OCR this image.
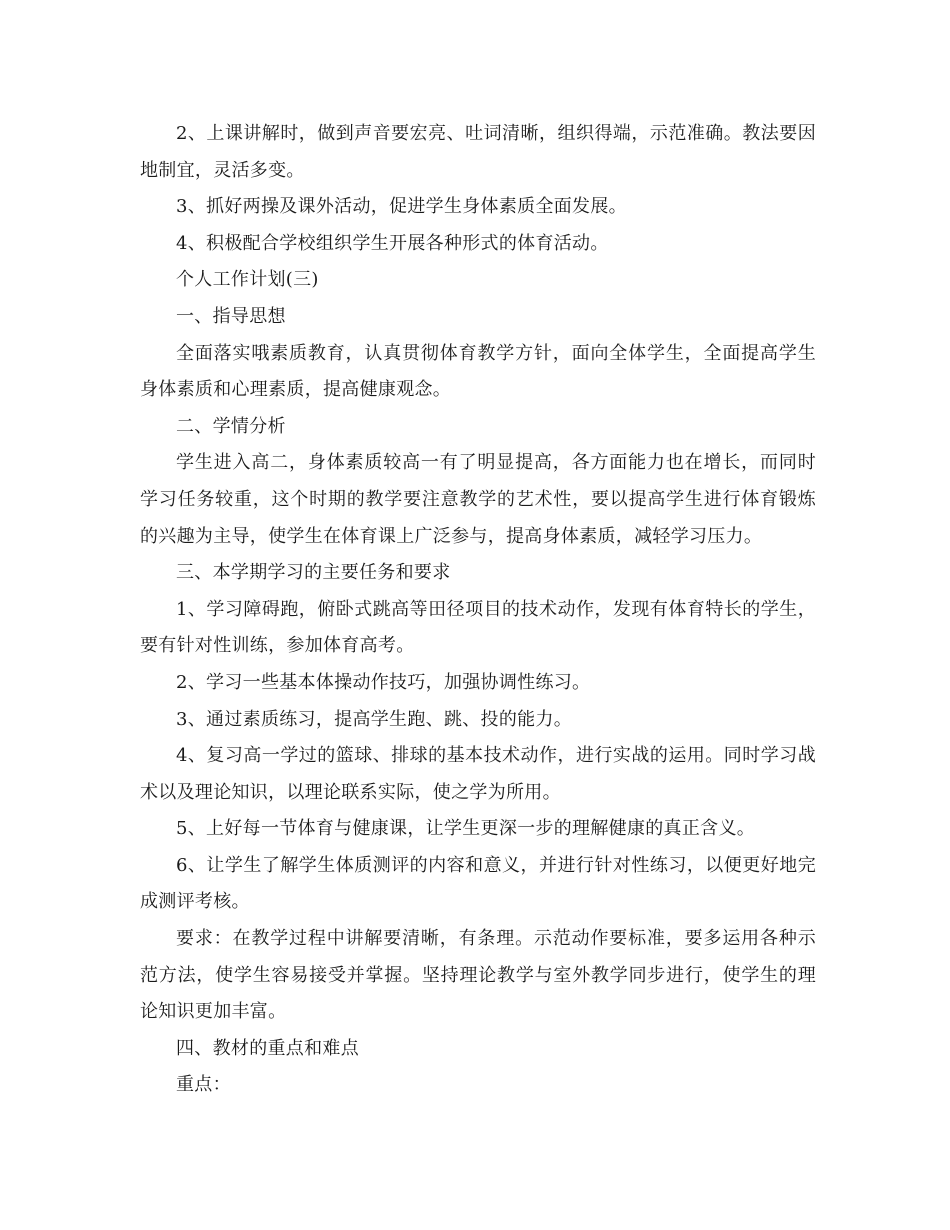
2、上课讲解时，做到声音要宏亮、吐词清晰，组织得端，示范准确。教法要因地制宜，灵活多变。

3、抓好两操及课外活动，促进学生身体素质全面发展。

4、积极配合学校组织学生开展各种形式的体育活动。

个人工作计划(三)

一、指导思想

全面落实哦素质教育，认真贯彻体育教学方针，面向全体学生，全面提高学生身体素质和心理素质，提高健康观念。

二、学情分析

学生进入高二，身体素质较高一有了明显提高，各方面能力也在增长，而同时学习任务较重，这个时期的教学要注意教学的艺术性，要以提高学生进行体育锻炼的兴趣为主导，使学生在体育课上广泛参与，提高身体素质，减轻学习压力。

三、本学期学习的主要任务和要求

1、学习障碍跑，俯卧式跳高等田径项目的技术动作，发现有体育特长的学生，要有针对性训练，参加体育高考。

2、学习一些基本体操动作技巧，加强协调性练习。

3、通过素质练习，提高学生跑、跳、投的能力。

4、复习高一学过的篮球、排球的基本技术动作，进行实战的运用。同时学习战术以及理论知识，以理论联系实际，使之学为所用。

5、上好每一节体育与健康课，让学生更深一步的理解健康的真正含义。

6、让学生了解学生体质测评的内容和意义，并进行针对性练习，以便更好地完成测评考核。

要求：在教学过程中讲解要清晰，有条理。示范动作要标准，要多运用各种示范方法，使学生容易接受并掌握。坚持理论教学与室外教学同步进行，使学生的理论知识更加丰富。

四、教材的重点和难点

重点：
